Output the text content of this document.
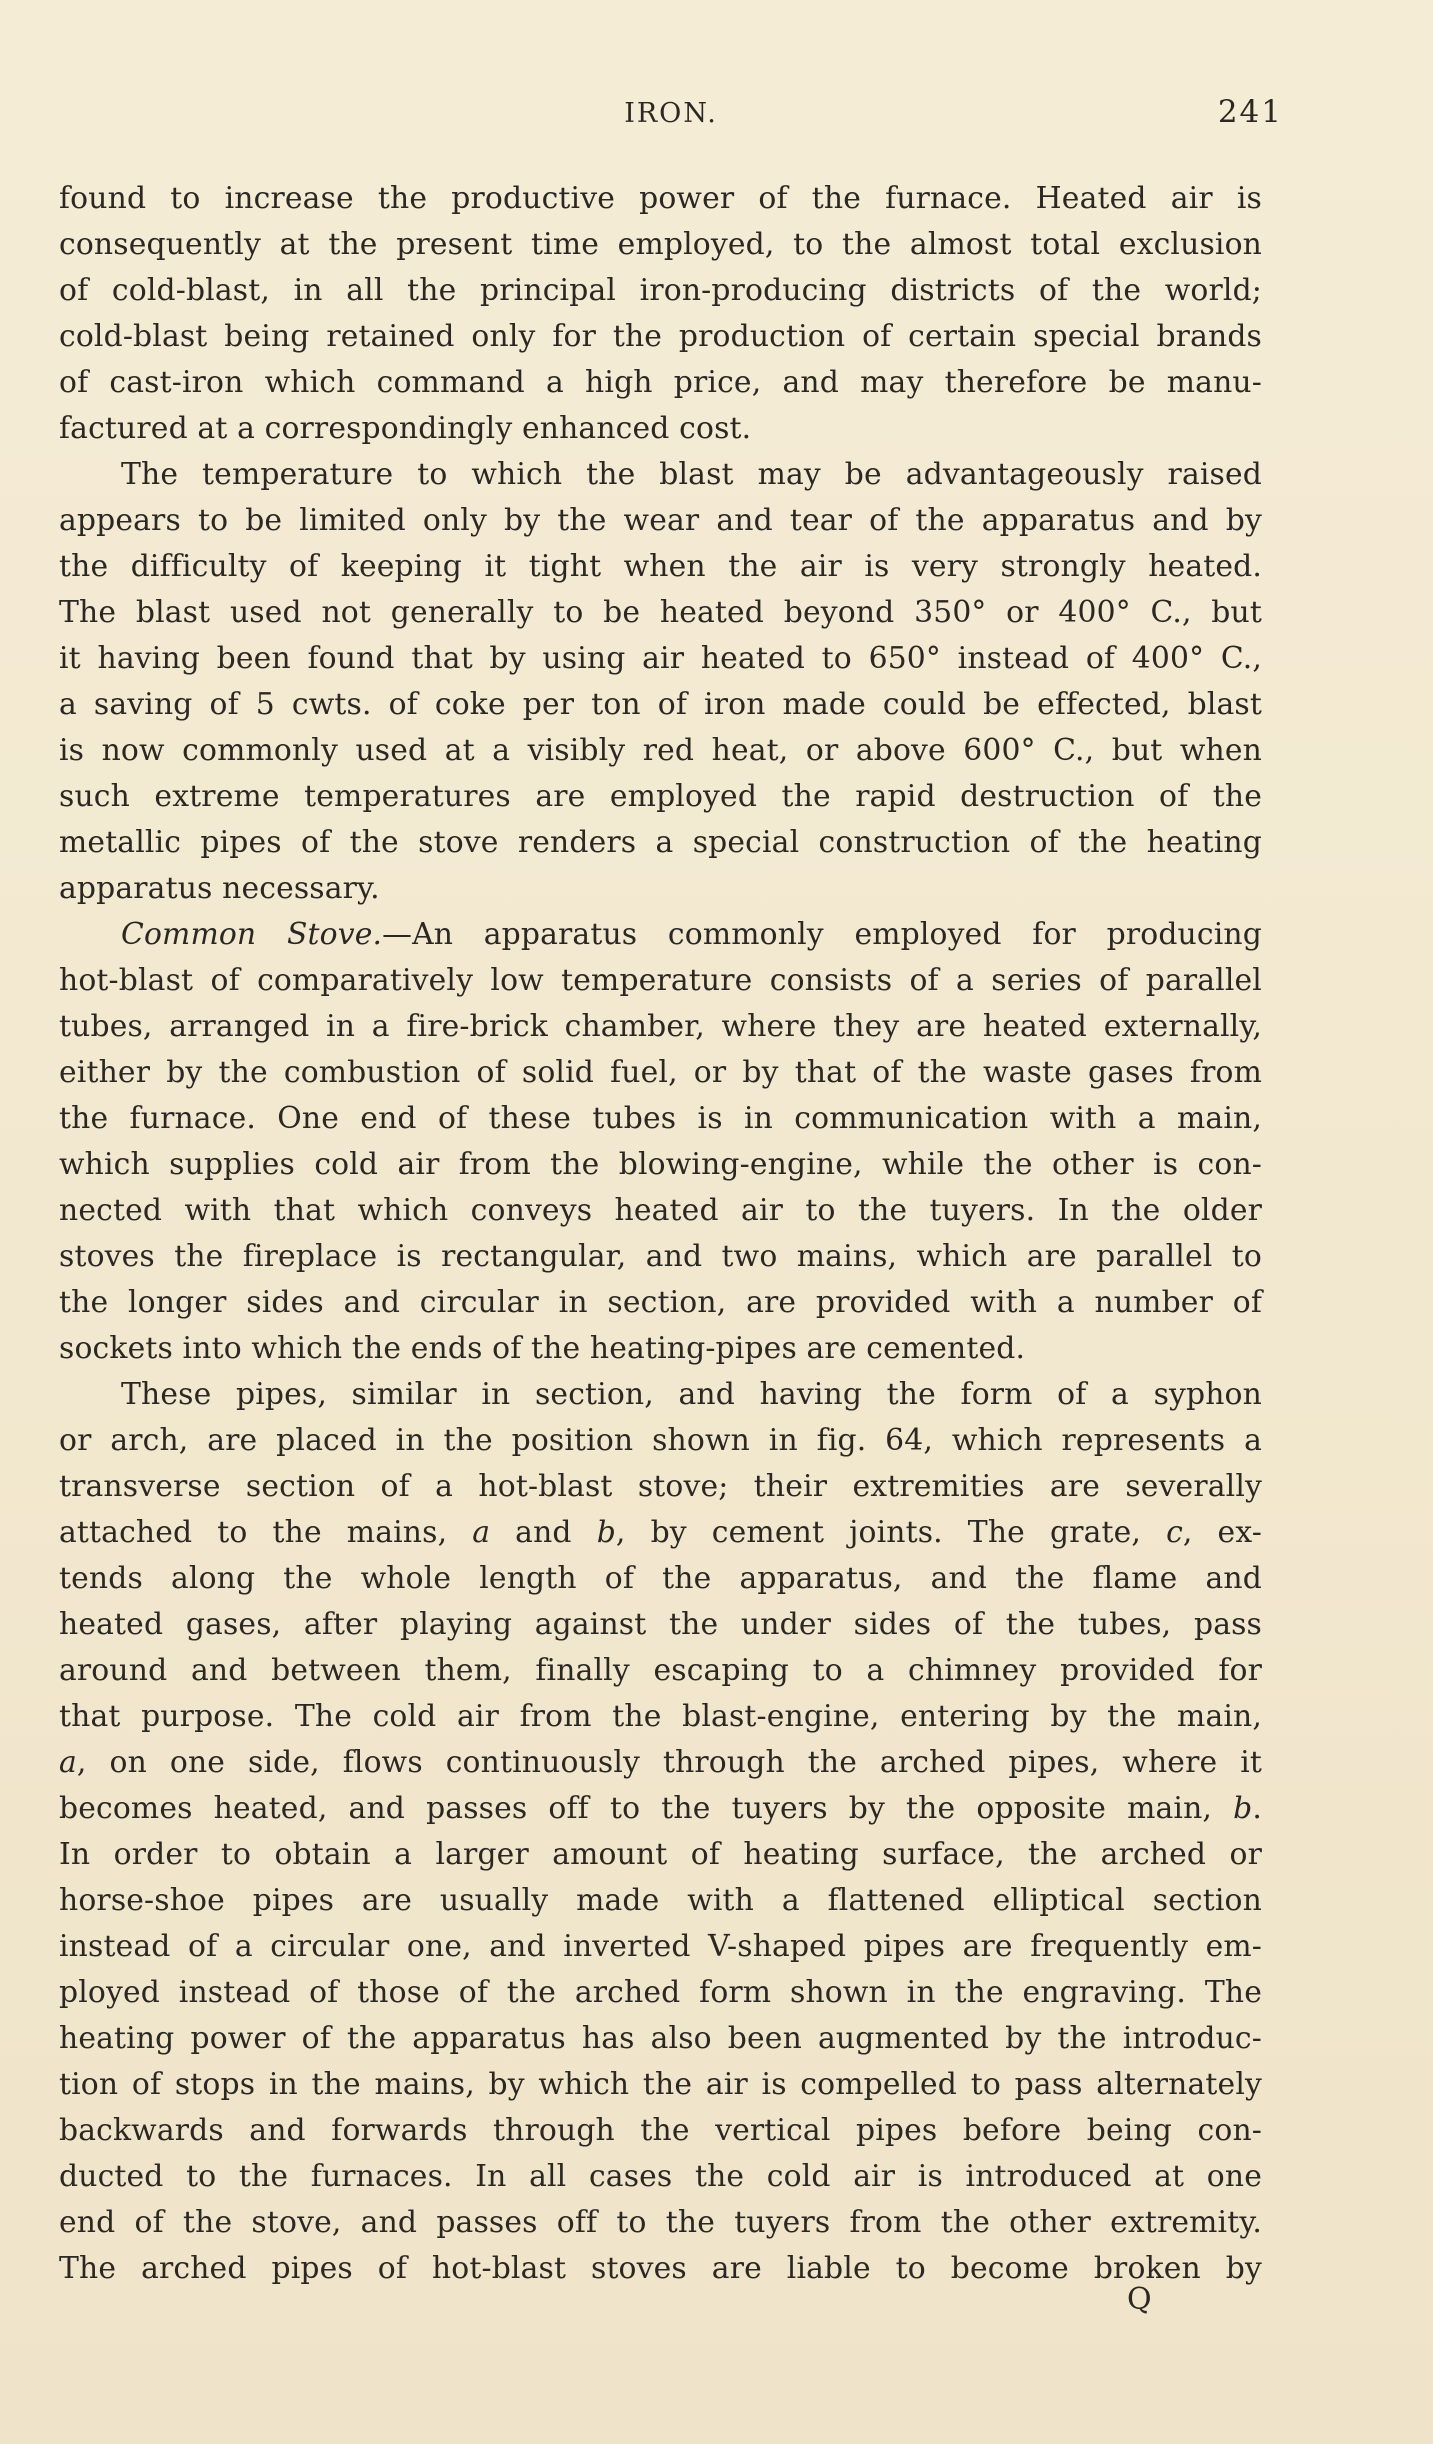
IRON.	241

found to increase the productive power of the furnace. Heated air is
consequently at the present time employed, to the almost total exclusion
of cold-blast, in all the principal iron-producing districts of the world;
cold-blast being retained only for the production of certain special brands
of cast-iron which command a high price, and may therefore be manu-
factured at a correspondingly enhanced cost.

The temperature to which the blast may be advantageously raised
appears to be limited only by the wear and tear of the apparatus and by
the difficulty of keeping it tight when the air is very strongly heated.
The blast used not generally to be heated beyond 350° or 400° C., but
it having been found that by using air heated to 650° instead of 400° C.,
a saving of 5 cwts. of coke per ton of iron made could be effected, blast
is now commonly used at a visibly red heat, or above 600° C., but when
such extreme temperatures are employed the rapid destruction of the
metallic pipes of the stove renders a special construction of the heating
apparatus necessary.

Common Stove.—An apparatus commonly employed for producing
hot-blast of comparatively low temperature consists of a series of parallel
tubes, arranged in a fire-brick chamber, where they are heated externally,
either by the combustion of solid fuel, or by that of the waste gases from
the furnace. One end of these tubes is in communication with a main,
which supplies cold air from the blowing-engine, while the other is con-
nected with that which conveys heated air to the tuyers. In the older
stoves the fireplace is rectangular, and two mains, which are parallel to
the longer sides and circular in section, are provided with a number of
sockets into which the ends of the heating-pipes are cemented.

These pipes, similar in section, and having the form of a syphon
or arch, are placed in the position shown in fig. 64, which represents a
transverse section of a hot-blast stove; their extremities are severally
attached to the mains, a and b, by cement joints. The grate, c, ex-
tends along the whole length of the apparatus, and the flame and
heated gases, after playing against the under sides of the tubes, pass
around and between them, finally escaping to a chimney provided for
that purpose. The cold air from the blast-engine, entering by the main,
a, on one side, flows continuously through the arched pipes, where it
becomes heated, and passes off to the tuyers by the opposite main, b.
In order to obtain a larger amount of heating surface, the arched or
horse-shoe pipes are usually made with a flattened elliptical section
instead of a circular one, and inverted V-shaped pipes are frequently em-
ployed instead of those of the arched form shown in the engraving. The
heating power of the apparatus has also been augmented by the introduc-
tion of stops in the mains, by which the air is compelled to pass alternately
backwards and forwards through the vertical pipes before being con-
ducted to the furnaces. In all cases the cold air is introduced at one
end of the stove, and passes off to the tuyers from the other extremity.
The arched pipes of hot-blast stoves are liable to become broken by

Q
